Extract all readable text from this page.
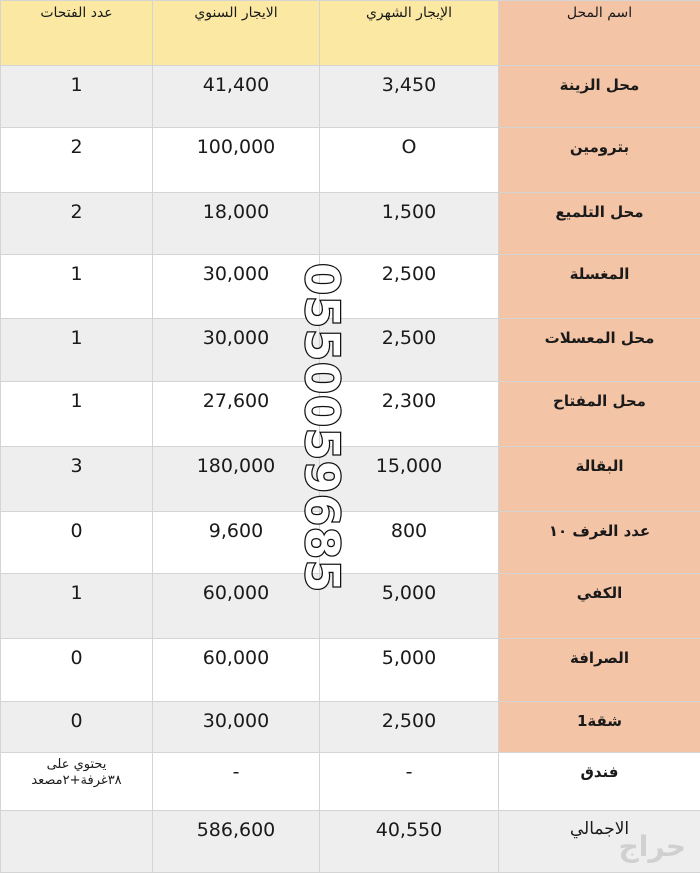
عدد الفتحات	الايجار السنوي	الإيجار الشهري	اسم المحل

1	41,400	3,450	محل الزينة

2	100,000	O	بترومين

2	18,000	1,500	محل التلميع

1	30,000	2,500	المغسلة

1	30,000	2,500	محل المعسلات

1	27,600	2,300	محل المفتاح

3	180,000	15,000	البقالة

0	9,600	800	عدد الغرف ١٠

1	60,000	5,000	الكفي

0	60,000	5,000	الصرافة

0	30,000	2,500	1شقة

يحتوي على ٣٨غرفة+٢مصعد	-	-	فندق

	586,600	40,550	الاجمالي
0550059685
حراج
